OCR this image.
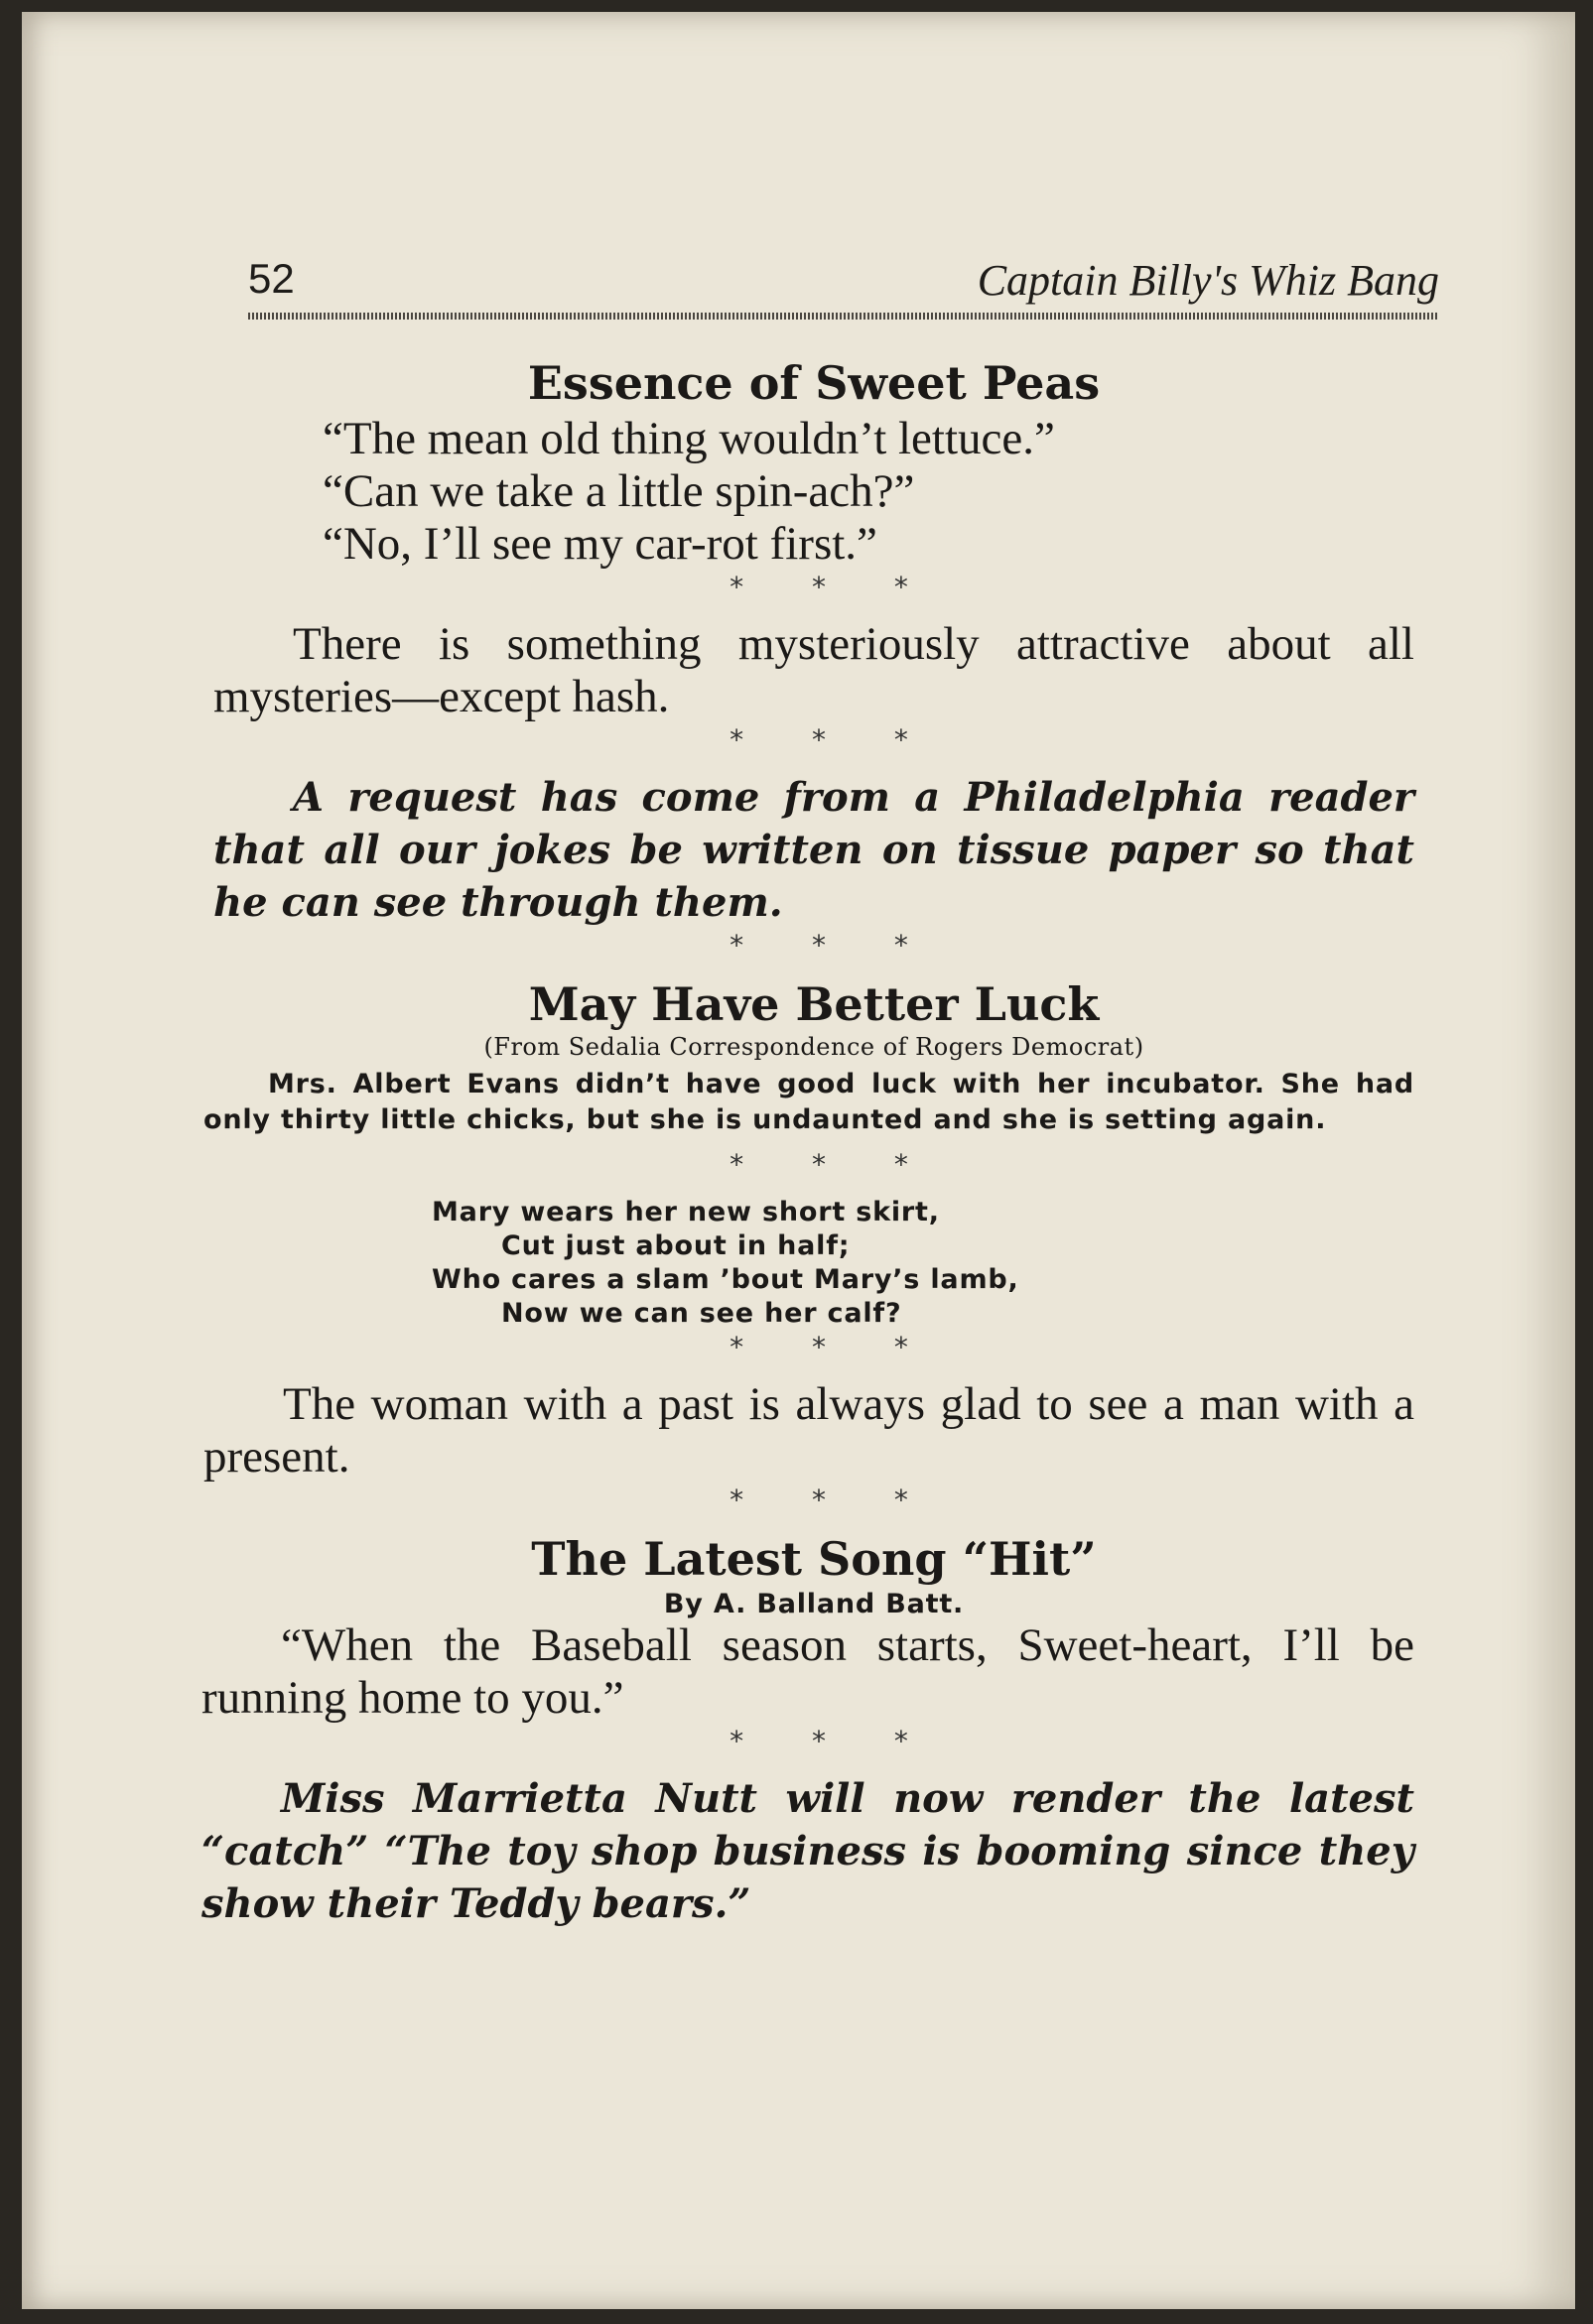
52	Captain Billy's Whiz Bang
Essence of Sweet Peas

“The mean old thing wouldn’t lettuce.”

“Can we take a little spin-ach?”

“No, I’ll see my car-rot first.”

* * *

There is something mysteriously attractive about all mysteries—except hash.

* * *

A request has come from a Philadelphia reader that all our jokes be written on tissue paper so that he can see through them.

* * *

May Have Better Luck

(From Sedalia Correspondence of Rogers Democrat)

Mrs. Albert Evans didn’t have good luck with her incubator. She had only thirty little chicks, but she is undaunted and she is setting again.

* * *

Mary wears her new short skirt,
Cut just about in half;
Who cares a slam ’bout Mary’s lamb,
Now we can see her calf?

* * *

The woman with a past is always glad to see a man with a present.

* * *

The Latest Song “Hit”

By A. Balland Batt.

“When the Baseball season starts, Sweet-heart, I’ll be running home to you.”

* * *

Miss Marrietta Nutt will now render the latest “catch” “The toy shop business is booming since they show their Teddy bears.”
